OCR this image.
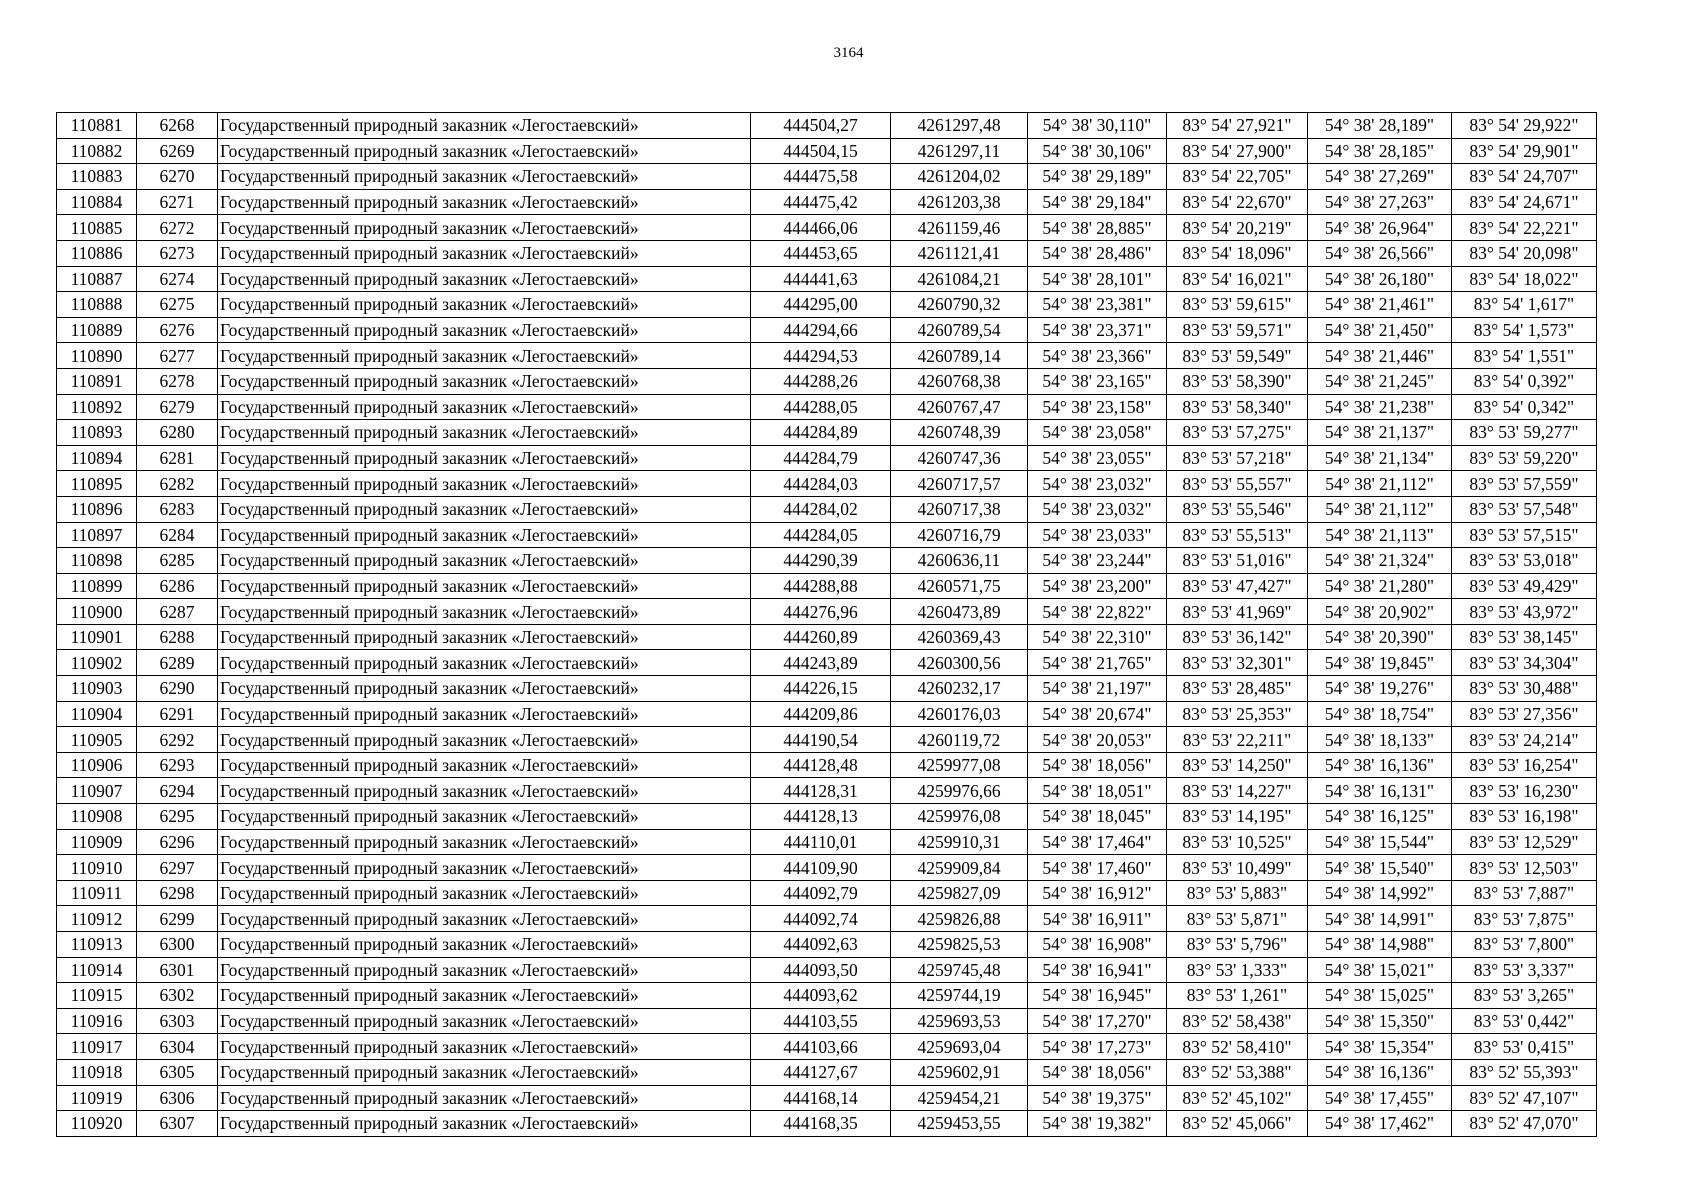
3164
110881	6268	Государственный природный заказник «Легостаевский»	444504,27	4261297,48	54° 38' 30,110"	83° 54' 27,921"	54° 38' 28,189"	83° 54' 29,922"
110882	6269	Государственный природный заказник «Легостаевский»	444504,15	4261297,11	54° 38' 30,106"	83° 54' 27,900"	54° 38' 28,185"	83° 54' 29,901"
110883	6270	Государственный природный заказник «Легостаевский»	444475,58	4261204,02	54° 38' 29,189"	83° 54' 22,705"	54° 38' 27,269"	83° 54' 24,707"
110884	6271	Государственный природный заказник «Легостаевский»	444475,42	4261203,38	54° 38' 29,184"	83° 54' 22,670"	54° 38' 27,263"	83° 54' 24,671"
110885	6272	Государственный природный заказник «Легостаевский»	444466,06	4261159,46	54° 38' 28,885"	83° 54' 20,219"	54° 38' 26,964"	83° 54' 22,221"
110886	6273	Государственный природный заказник «Легостаевский»	444453,65	4261121,41	54° 38' 28,486"	83° 54' 18,096"	54° 38' 26,566"	83° 54' 20,098"
110887	6274	Государственный природный заказник «Легостаевский»	444441,63	4261084,21	54° 38' 28,101"	83° 54' 16,021"	54° 38' 26,180"	83° 54' 18,022"
110888	6275	Государственный природный заказник «Легостаевский»	444295,00	4260790,32	54° 38' 23,381"	83° 53' 59,615"	54° 38' 21,461"	83° 54' 1,617"
110889	6276	Государственный природный заказник «Легостаевский»	444294,66	4260789,54	54° 38' 23,371"	83° 53' 59,571"	54° 38' 21,450"	83° 54' 1,573"
110890	6277	Государственный природный заказник «Легостаевский»	444294,53	4260789,14	54° 38' 23,366"	83° 53' 59,549"	54° 38' 21,446"	83° 54' 1,551"
110891	6278	Государственный природный заказник «Легостаевский»	444288,26	4260768,38	54° 38' 23,165"	83° 53' 58,390"	54° 38' 21,245"	83° 54' 0,392"
110892	6279	Государственный природный заказник «Легостаевский»	444288,05	4260767,47	54° 38' 23,158"	83° 53' 58,340"	54° 38' 21,238"	83° 54' 0,342"
110893	6280	Государственный природный заказник «Легостаевский»	444284,89	4260748,39	54° 38' 23,058"	83° 53' 57,275"	54° 38' 21,137"	83° 53' 59,277"
110894	6281	Государственный природный заказник «Легостаевский»	444284,79	4260747,36	54° 38' 23,055"	83° 53' 57,218"	54° 38' 21,134"	83° 53' 59,220"
110895	6282	Государственный природный заказник «Легостаевский»	444284,03	4260717,57	54° 38' 23,032"	83° 53' 55,557"	54° 38' 21,112"	83° 53' 57,559"
110896	6283	Государственный природный заказник «Легостаевский»	444284,02	4260717,38	54° 38' 23,032"	83° 53' 55,546"	54° 38' 21,112"	83° 53' 57,548"
110897	6284	Государственный природный заказник «Легостаевский»	444284,05	4260716,79	54° 38' 23,033"	83° 53' 55,513"	54° 38' 21,113"	83° 53' 57,515"
110898	6285	Государственный природный заказник «Легостаевский»	444290,39	4260636,11	54° 38' 23,244"	83° 53' 51,016"	54° 38' 21,324"	83° 53' 53,018"
110899	6286	Государственный природный заказник «Легостаевский»	444288,88	4260571,75	54° 38' 23,200"	83° 53' 47,427"	54° 38' 21,280"	83° 53' 49,429"
110900	6287	Государственный природный заказник «Легостаевский»	444276,96	4260473,89	54° 38' 22,822"	83° 53' 41,969"	54° 38' 20,902"	83° 53' 43,972"
110901	6288	Государственный природный заказник «Легостаевский»	444260,89	4260369,43	54° 38' 22,310"	83° 53' 36,142"	54° 38' 20,390"	83° 53' 38,145"
110902	6289	Государственный природный заказник «Легостаевский»	444243,89	4260300,56	54° 38' 21,765"	83° 53' 32,301"	54° 38' 19,845"	83° 53' 34,304"
110903	6290	Государственный природный заказник «Легостаевский»	444226,15	4260232,17	54° 38' 21,197"	83° 53' 28,485"	54° 38' 19,276"	83° 53' 30,488"
110904	6291	Государственный природный заказник «Легостаевский»	444209,86	4260176,03	54° 38' 20,674"	83° 53' 25,353"	54° 38' 18,754"	83° 53' 27,356"
110905	6292	Государственный природный заказник «Легостаевский»	444190,54	4260119,72	54° 38' 20,053"	83° 53' 22,211"	54° 38' 18,133"	83° 53' 24,214"
110906	6293	Государственный природный заказник «Легостаевский»	444128,48	4259977,08	54° 38' 18,056"	83° 53' 14,250"	54° 38' 16,136"	83° 53' 16,254"
110907	6294	Государственный природный заказник «Легостаевский»	444128,31	4259976,66	54° 38' 18,051"	83° 53' 14,227"	54° 38' 16,131"	83° 53' 16,230"
110908	6295	Государственный природный заказник «Легостаевский»	444128,13	4259976,08	54° 38' 18,045"	83° 53' 14,195"	54° 38' 16,125"	83° 53' 16,198"
110909	6296	Государственный природный заказник «Легостаевский»	444110,01	4259910,31	54° 38' 17,464"	83° 53' 10,525"	54° 38' 15,544"	83° 53' 12,529"
110910	6297	Государственный природный заказник «Легостаевский»	444109,90	4259909,84	54° 38' 17,460"	83° 53' 10,499"	54° 38' 15,540"	83° 53' 12,503"
110911	6298	Государственный природный заказник «Легостаевский»	444092,79	4259827,09	54° 38' 16,912"	83° 53' 5,883"	54° 38' 14,992"	83° 53' 7,887"
110912	6299	Государственный природный заказник «Легостаевский»	444092,74	4259826,88	54° 38' 16,911"	83° 53' 5,871"	54° 38' 14,991"	83° 53' 7,875"
110913	6300	Государственный природный заказник «Легостаевский»	444092,63	4259825,53	54° 38' 16,908"	83° 53' 5,796"	54° 38' 14,988"	83° 53' 7,800"
110914	6301	Государственный природный заказник «Легостаевский»	444093,50	4259745,48	54° 38' 16,941"	83° 53' 1,333"	54° 38' 15,021"	83° 53' 3,337"
110915	6302	Государственный природный заказник «Легостаевский»	444093,62	4259744,19	54° 38' 16,945"	83° 53' 1,261"	54° 38' 15,025"	83° 53' 3,265"
110916	6303	Государственный природный заказник «Легостаевский»	444103,55	4259693,53	54° 38' 17,270"	83° 52' 58,438"	54° 38' 15,350"	83° 53' 0,442"
110917	6304	Государственный природный заказник «Легостаевский»	444103,66	4259693,04	54° 38' 17,273"	83° 52' 58,410"	54° 38' 15,354"	83° 53' 0,415"
110918	6305	Государственный природный заказник «Легостаевский»	444127,67	4259602,91	54° 38' 18,056"	83° 52' 53,388"	54° 38' 16,136"	83° 52' 55,393"
110919	6306	Государственный природный заказник «Легостаевский»	444168,14	4259454,21	54° 38' 19,375"	83° 52' 45,102"	54° 38' 17,455"	83° 52' 47,107"
110920	6307	Государственный природный заказник «Легостаевский»	444168,35	4259453,55	54° 38' 19,382"	83° 52' 45,066"	54° 38' 17,462"	83° 52' 47,070"
